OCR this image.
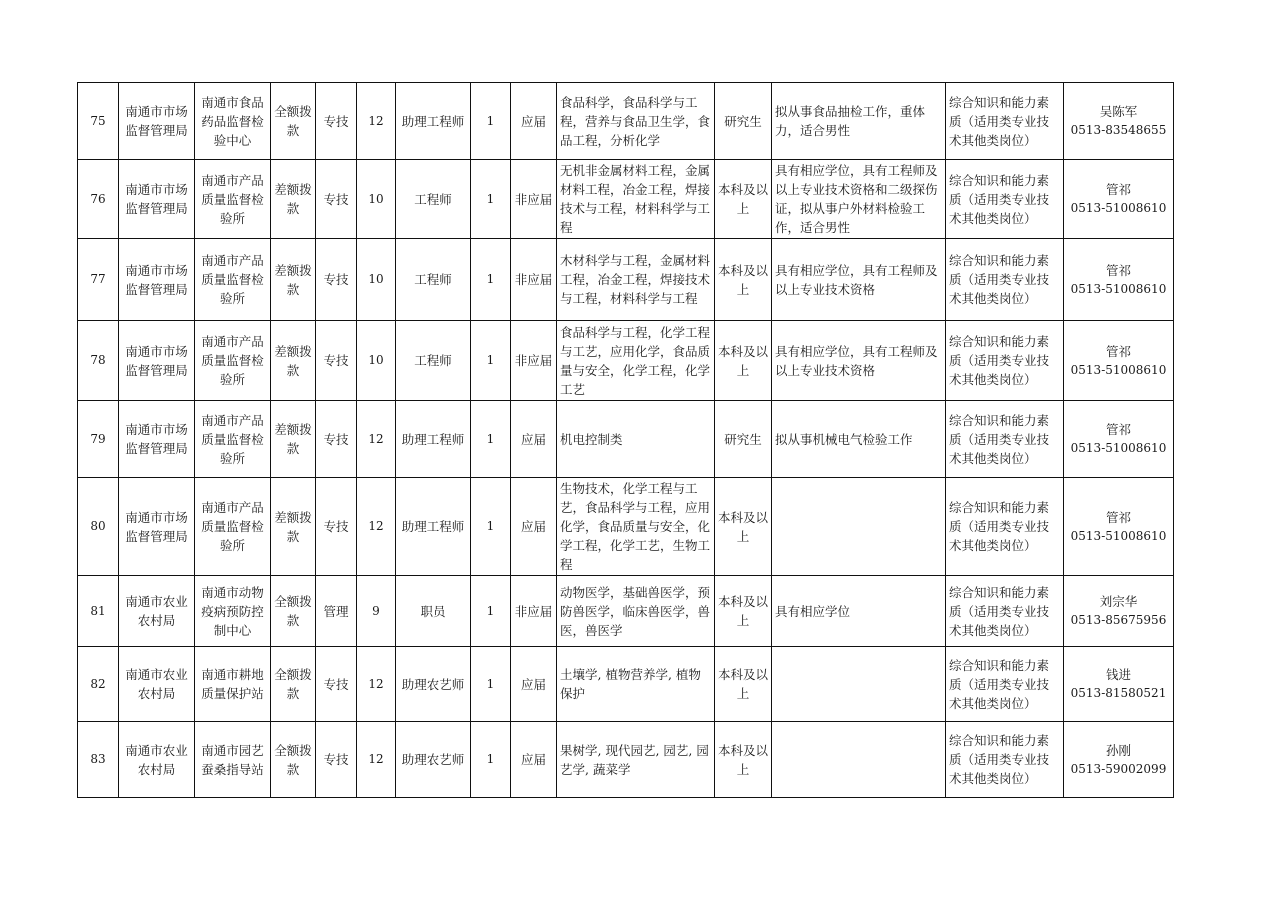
75	南通市市场监督管理局	南通市食品药品监督检验中心	全额拨款	专技	12	助理工程师	1	应届	食品科学，食品科学与工程，营养与食品卫生学，食品工程，分析化学	研究生	拟从事食品抽检工作，重体力，适合男性	综合知识和能力素质（适用类专业技术其他类岗位）	吴陈军
0513-83548655

76	南通市市场监督管理局	南通市产品质量监督检验所	差额拨款	专技	10	工程师	1	非应届	无机非金属材料工程，金属材料工程，冶金工程，焊接技术与工程，材料科学与工程	本科及以上	具有相应学位，具有工程师及以上专业技术资格和二级探伤证，拟从事户外材料检验工作，适合男性	综合知识和能力素质（适用类专业技术其他类岗位）	管祁
0513-51008610

77	南通市市场监督管理局	南通市产品质量监督检验所	差额拨款	专技	10	工程师	1	非应届	木材科学与工程，金属材料工程，冶金工程，焊接技术与工程，材料科学与工程	本科及以上	具有相应学位，具有工程师及以上专业技术资格	综合知识和能力素质（适用类专业技术其他类岗位）	管祁
0513-51008610

78	南通市市场监督管理局	南通市产品质量监督检验所	差额拨款	专技	10	工程师	1	非应届	食品科学与工程，化学工程与工艺，应用化学，食品质量与安全，化学工程，化学工艺	本科及以上	具有相应学位，具有工程师及以上专业技术资格	综合知识和能力素质（适用类专业技术其他类岗位）	管祁
0513-51008610

79	南通市市场监督管理局	南通市产品质量监督检验所	差额拨款	专技	12	助理工程师	1	应届	机电控制类	研究生	拟从事机械电气检验工作	综合知识和能力素质（适用类专业技术其他类岗位）	管祁
0513-51008610

80	南通市市场监督管理局	南通市产品质量监督检验所	差额拨款	专技	12	助理工程师	1	应届	生物技术，化学工程与工艺，食品科学与工程，应用化学，食品质量与安全，化学工程，化学工艺，生物工程	本科及以上		综合知识和能力素质（适用类专业技术其他类岗位）	管祁
0513-51008610

81	南通市农业农村局	南通市动物疫病预防控制中心	全额拨款	管理	9	职员	1	非应届	动物医学，基础兽医学，预防兽医学，临床兽医学，兽医，兽医学	本科及以上	具有相应学位	综合知识和能力素质（适用类专业技术其他类岗位）	刘宗华
0513-85675956

82	南通市农业农村局	南通市耕地质量保护站	全额拨款	专技	12	助理农艺师	1	应届	土壤学, 植物营养学, 植物保护	本科及以上		综合知识和能力素质（适用类专业技术其他类岗位）	钱进
0513-81580521

83	南通市农业农村局	南通市园艺蚕桑指导站	全额拨款	专技	12	助理农艺师	1	应届	果树学, 现代园艺, 园艺, 园艺学, 蔬菜学	本科及以上		综合知识和能力素质（适用类专业技术其他类岗位）	孙刚
0513-59002099
